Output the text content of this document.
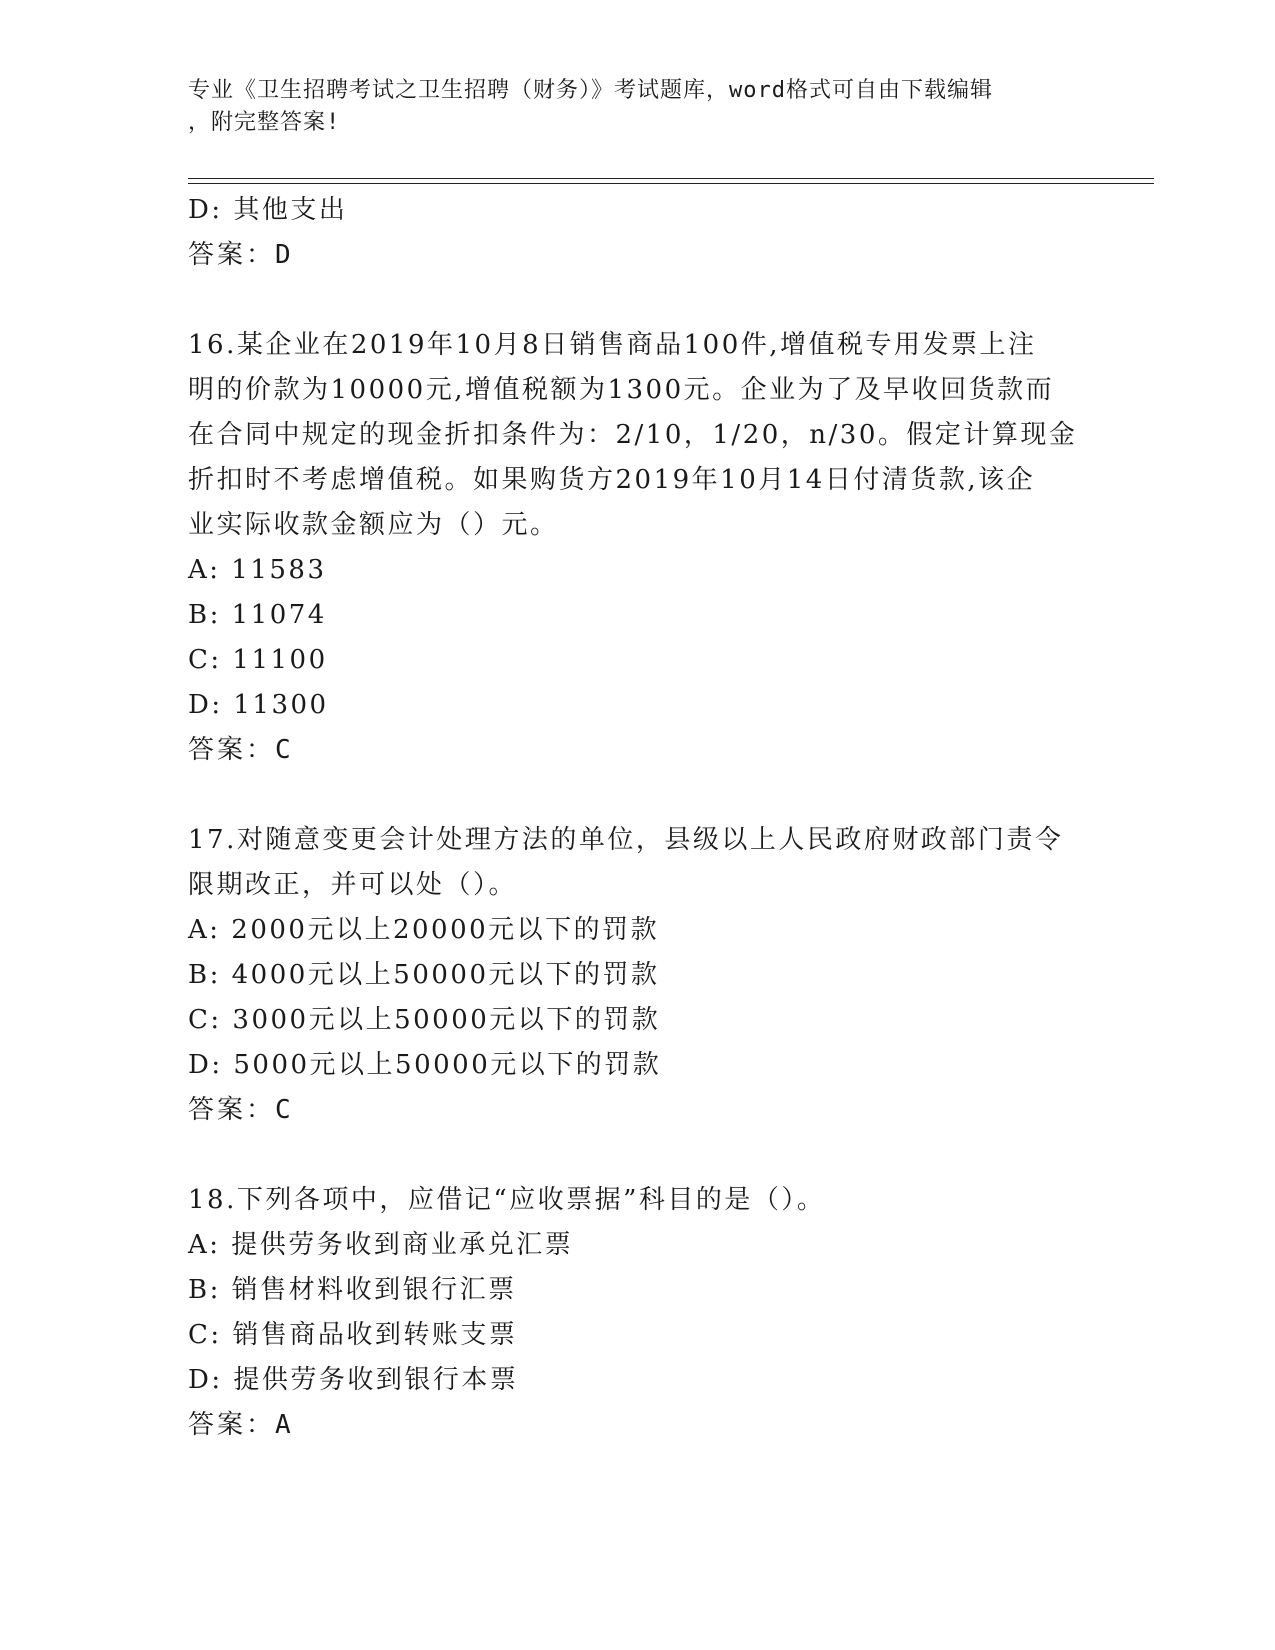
专业《卫生招聘考试之卫生招聘（财务）》考试题库，word格式可自由下载编辑
，附完整答案!
D: 其他支出
答案：D
16.某企业在2019年10月8日销售商品100件,增值税专用发票上注
明的价款为10000元,增值税额为1300元。企业为了及早收回货款而
在合同中规定的现金折扣条件为：2/10，1/20，n/30。假定计算现金
折扣时不考虑增值税。如果购货方2019年10月14日付清货款,该企
业实际收款金额应为（）元。
A: 11583
B: 11074
C: 11100
D: 11300
答案：C
17.对随意变更会计处理方法的单位，县级以上人民政府财政部门责令
限期改正，并可以处（）。
A: 2000元以上20000元以下的罚款
B: 4000元以上50000元以下的罚款
C: 3000元以上50000元以下的罚款
D: 5000元以上50000元以下的罚款
答案：C
18.下列各项中，应借记“应收票据”科目的是（）。
A: 提供劳务收到商业承兑汇票
B: 销售材料收到银行汇票
C: 销售商品收到转账支票
D: 提供劳务收到银行本票
答案：A
